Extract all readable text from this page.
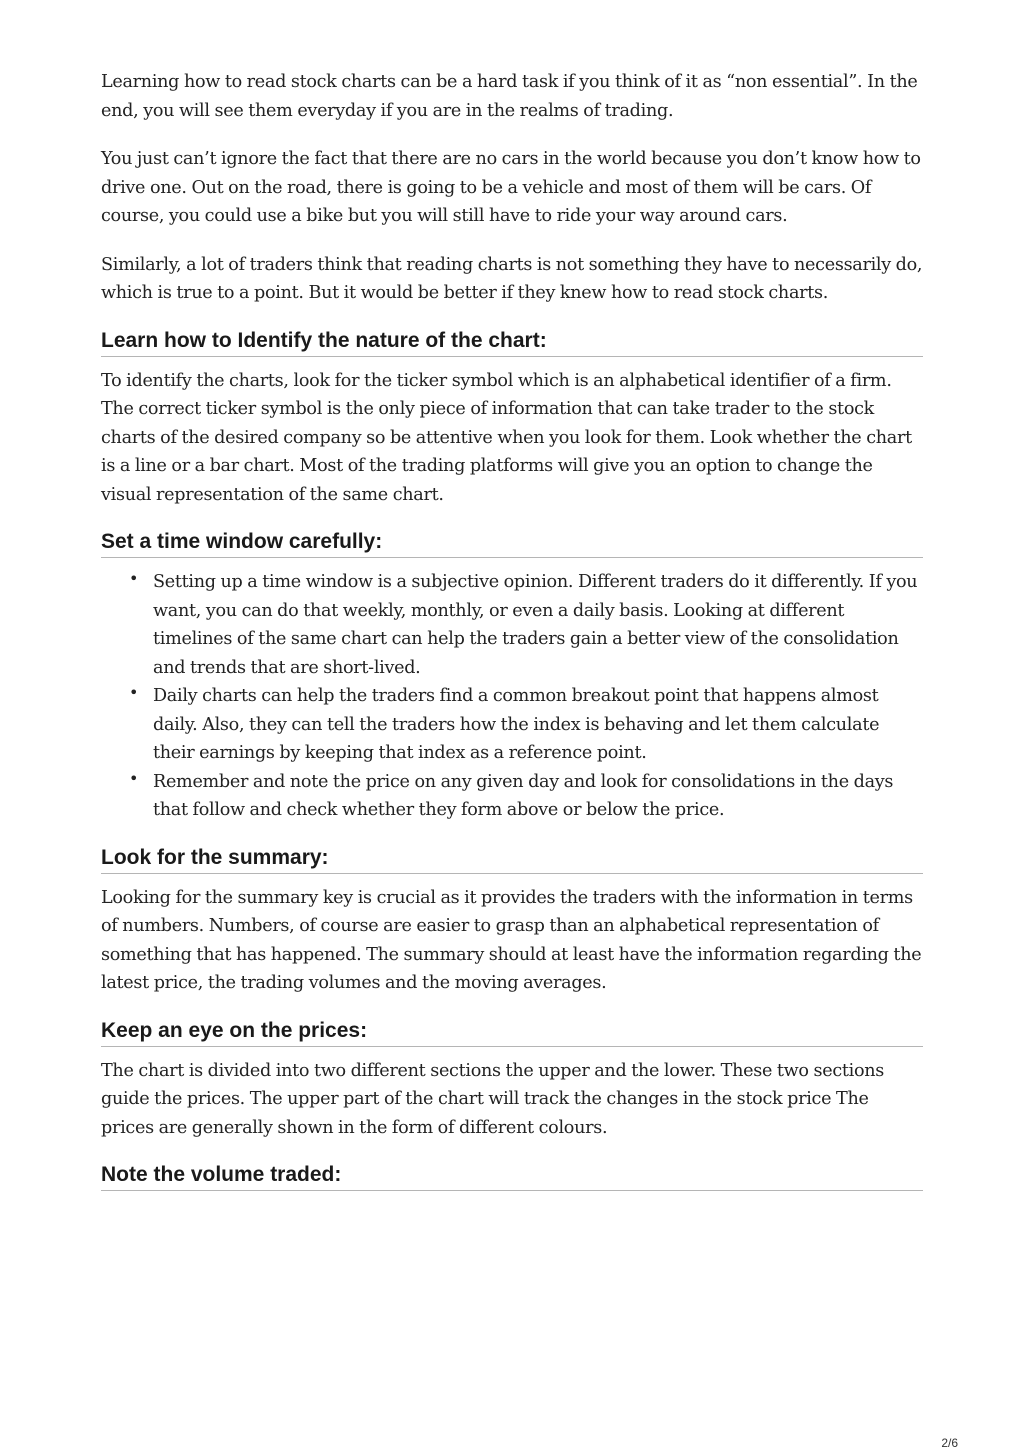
Learning how to read stock charts can be a hard task if you think of it as “non essential”. In the end, you will see them everyday if you are in the realms of trading.

You just can’t ignore the fact that there are no cars in the world because you don’t know how to drive one. Out on the road, there is going to be a vehicle and most of them will be cars. Of course, you could use a bike but you will still have to ride your way around cars.

Similarly, a lot of traders think that reading charts is not something they have to necessarily do, which is true to a point. But it would be better if they knew how to read stock charts.

Learn how to Identify the nature of the chart:

To identify the charts, look for the ticker symbol which is an alphabetical identifier of a firm. The correct ticker symbol is the only piece of information that can take trader to the stock charts of the desired company so be attentive when you look for them. Look whether the chart is a line or a bar chart. Most of the trading platforms will give you an option to change the visual representation of the same chart.

Set a time window carefully:
• Setting up a time window is a subjective opinion. Different traders do it differently. If you want, you can do that weekly, monthly, or even a daily basis. Looking at different timelines of the same chart can help the traders gain a better view of the consolidation and trends that are short-lived.
• Daily charts can help the traders find a common breakout point that happens almost daily. Also, they can tell the traders how the index is behaving and let them calculate their earnings by keeping that index as a reference point.
• Remember and note the price on any given day and look for consolidations in the days that follow and check whether they form above or below the price.
Look for the summary:

Looking for the summary key is crucial as it provides the traders with the information in terms of numbers. Numbers, of course are easier to grasp than an alphabetical representation of something that has happened. The summary should at least have the information regarding the latest price, the trading volumes and the moving averages.

Keep an eye on the prices:

The chart is divided into two different sections the upper and the lower. These two sections guide the prices. The upper part of the chart will track the changes in the stock price The prices are generally shown in the form of different colours.

Note the volume traded:
2/6
